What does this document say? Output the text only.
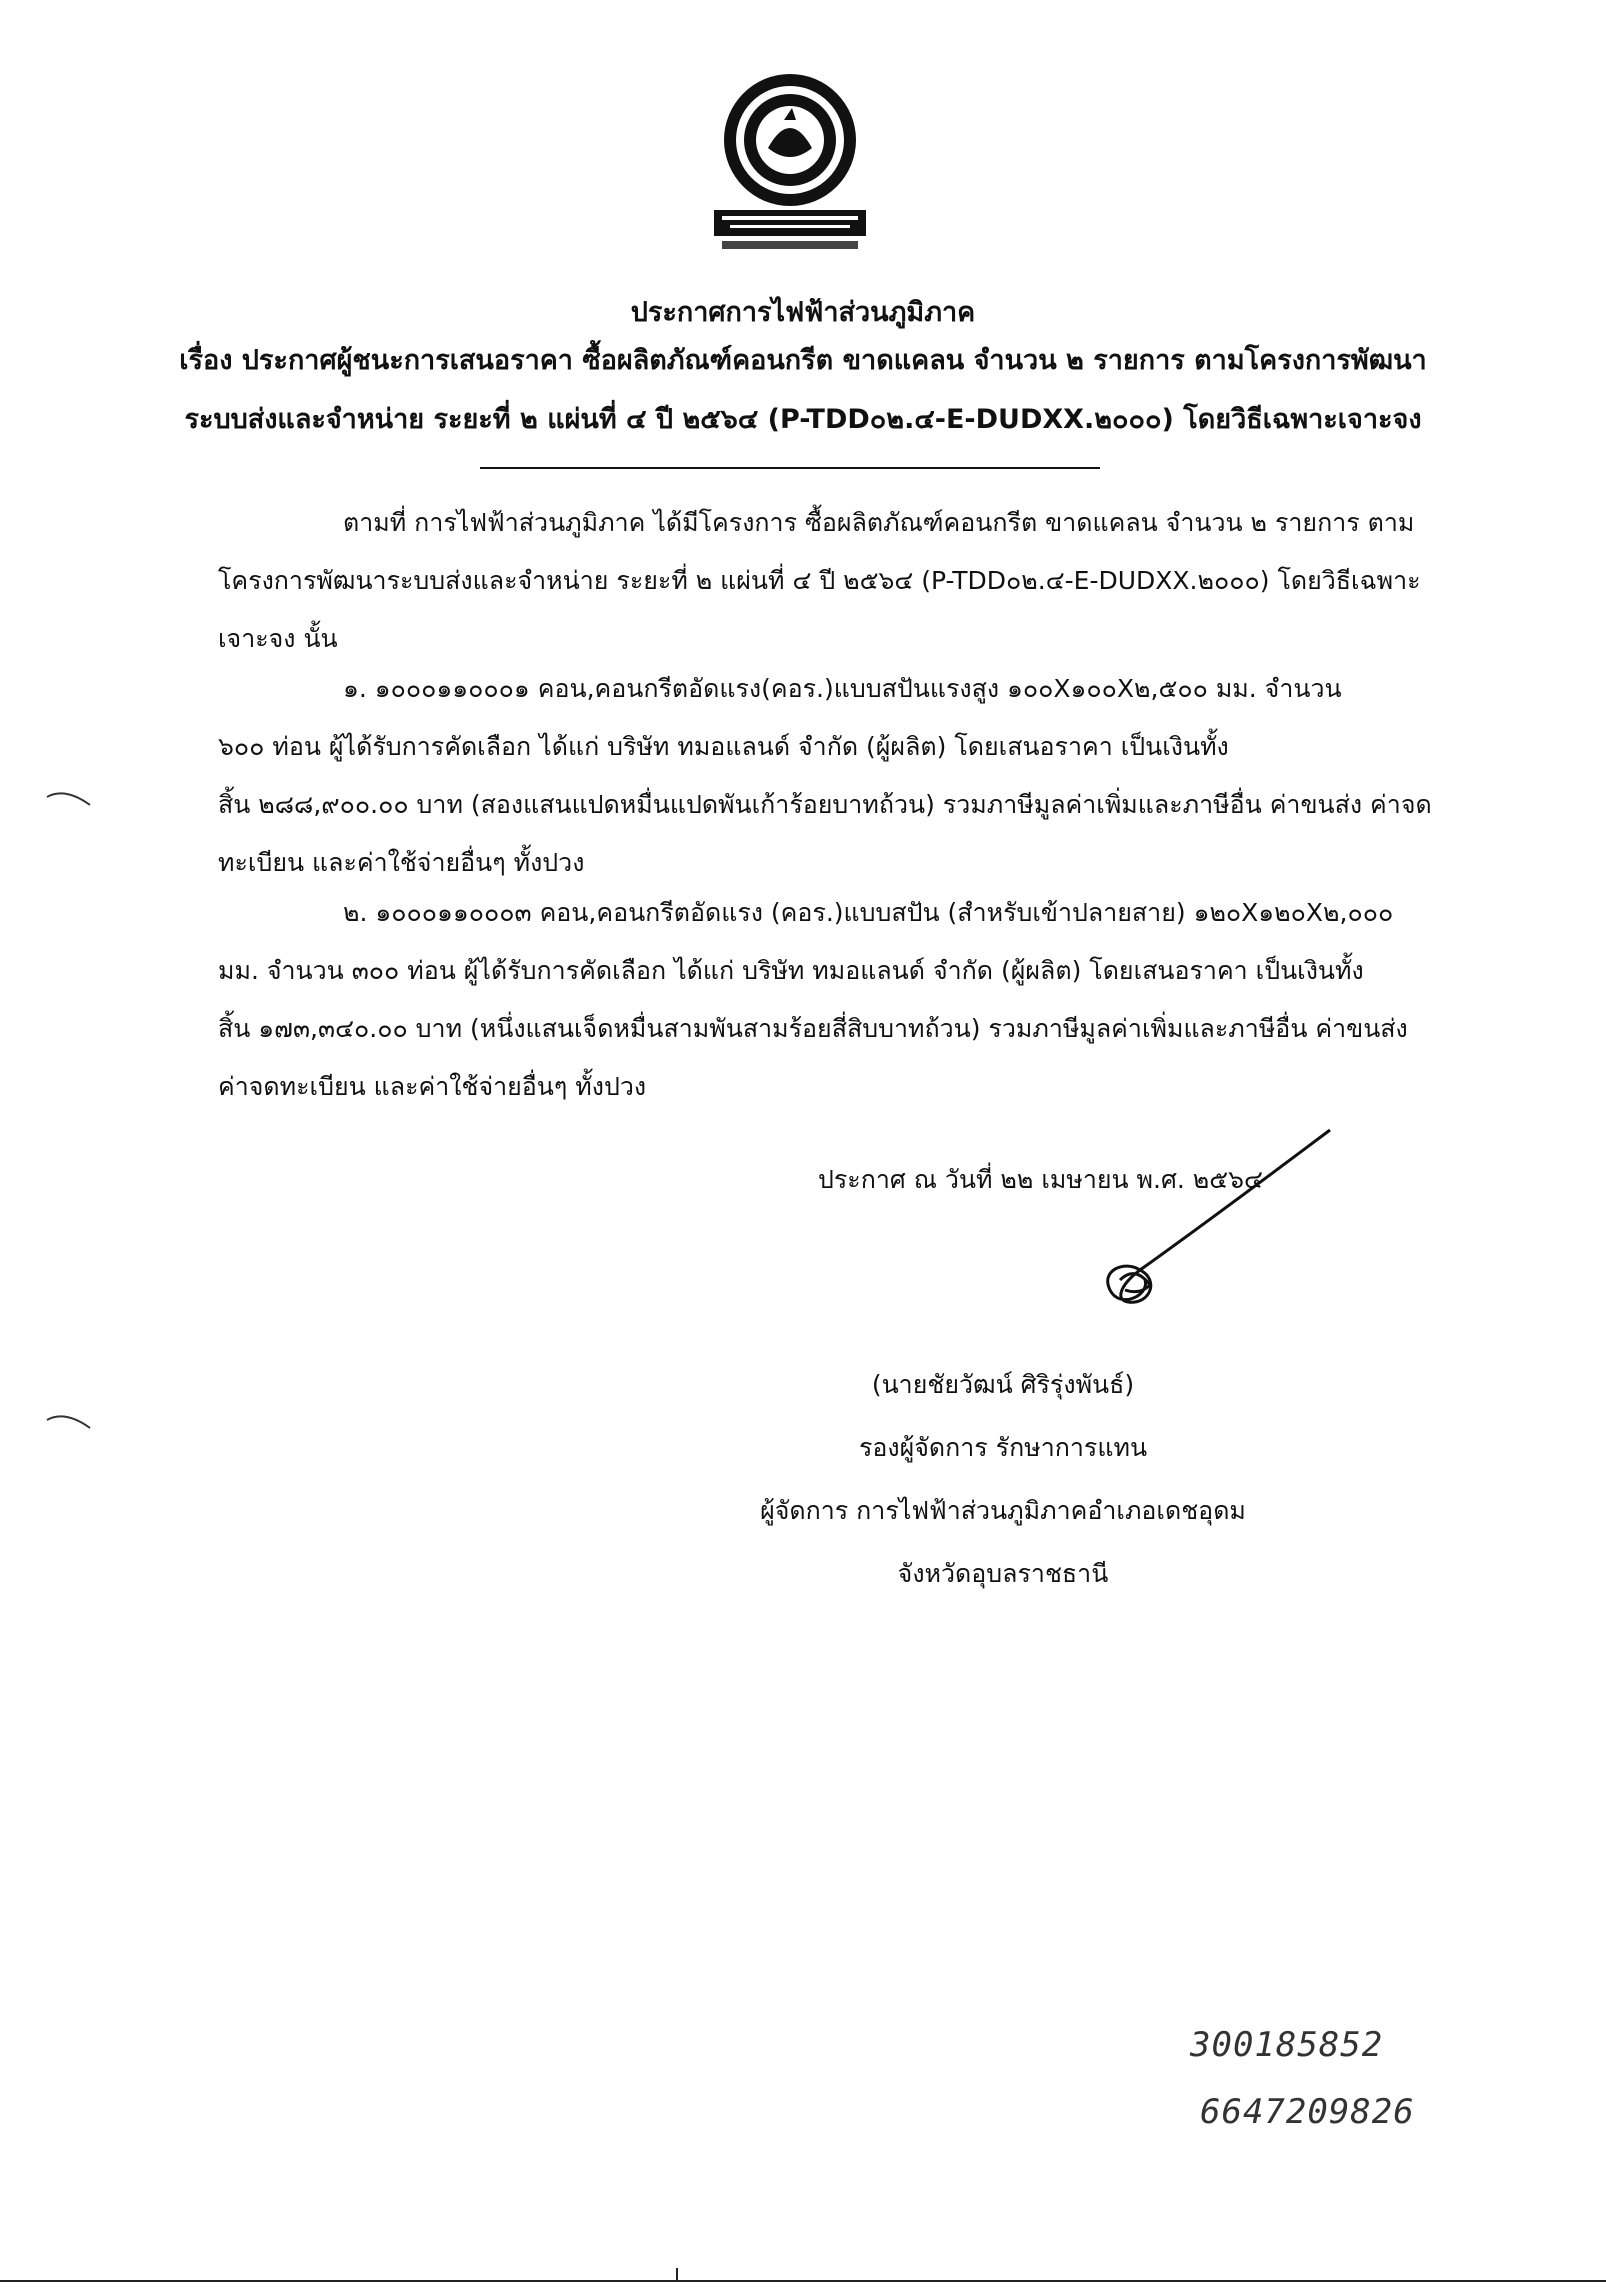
ประกาศการไฟฟ้าส่วนภูมิภาค
เรื่อง ประกาศผู้ชนะการเสนอราคา ซื้อผลิตภัณฑ์คอนกรีต ขาดแคลน จำนวน ๒ รายการ ตามโครงการพัฒนา
ระบบส่งและจำหน่าย ระยะที่ ๒ แผ่นที่ ๔ ปี ๒๕๖๔ (P-TDD๐๒.๔-E-DUDXX.๒๐๐๐) โดยวิธีเฉพาะเจาะจง
ตามที่ การไฟฟ้าส่วนภูมิภาค ได้มีโครงการ ซื้อผลิตภัณฑ์คอนกรีต ขาดแคลน จำนวน ๒ รายการ ตาม
โครงการพัฒนาระบบส่งและจำหน่าย ระยะที่ ๒ แผ่นที่ ๔ ปี ๒๕๖๔ (P-TDD๐๒.๔-E-DUDXX.๒๐๐๐) โดยวิธีเฉพาะ
เจาะจง นั้น
๑. ๑๐๐๐๑๑๐๐๐๑ คอน,คอนกรีตอัดแรง(คอร.)แบบสปันแรงสูง ๑๐๐X๑๐๐X๒,๕๐๐ มม. จำนวน
๖๐๐ ท่อน ผู้ได้รับการคัดเลือก ได้แก่ บริษัท ทมอแลนด์ จำกัด (ผู้ผลิต) โดยเสนอราคา เป็นเงินทั้ง
สิ้น ๒๘๘,๙๐๐.๐๐ บาท (สองแสนแปดหมื่นแปดพันเก้าร้อยบาทถ้วน) รวมภาษีมูลค่าเพิ่มและภาษีอื่น ค่าขนส่ง ค่าจด
ทะเบียน และค่าใช้จ่ายอื่นๆ ทั้งปวง
๒. ๑๐๐๐๑๑๐๐๐๓ คอน,คอนกรีตอัดแรง (คอร.)แบบสปัน (สำหรับเข้าปลายสาย) ๑๒๐X๑๒๐X๒,๐๐๐
มม. จำนวน ๓๐๐ ท่อน ผู้ได้รับการคัดเลือก ได้แก่ บริษัท ทมอแลนด์ จำกัด (ผู้ผลิต) โดยเสนอราคา เป็นเงินทั้ง
สิ้น ๑๗๓,๓๔๐.๐๐ บาท (หนึ่งแสนเจ็ดหมื่นสามพันสามร้อยสี่สิบบาทถ้วน) รวมภาษีมูลค่าเพิ่มและภาษีอื่น ค่าขนส่ง
ค่าจดทะเบียน และค่าใช้จ่ายอื่นๆ ทั้งปวง
ประกาศ ณ วันที่ ๒๒ เมษายน พ.ศ. ๒๕๖๔
(นายชัยวัฒน์ ศิริรุ่งพันธ์)
รองผู้จัดการ รักษาการแทน
ผู้จัดการ การไฟฟ้าส่วนภูมิภาคอำเภอเดชอุดม
จังหวัดอุบลราชธานี
300185852
6647209826
